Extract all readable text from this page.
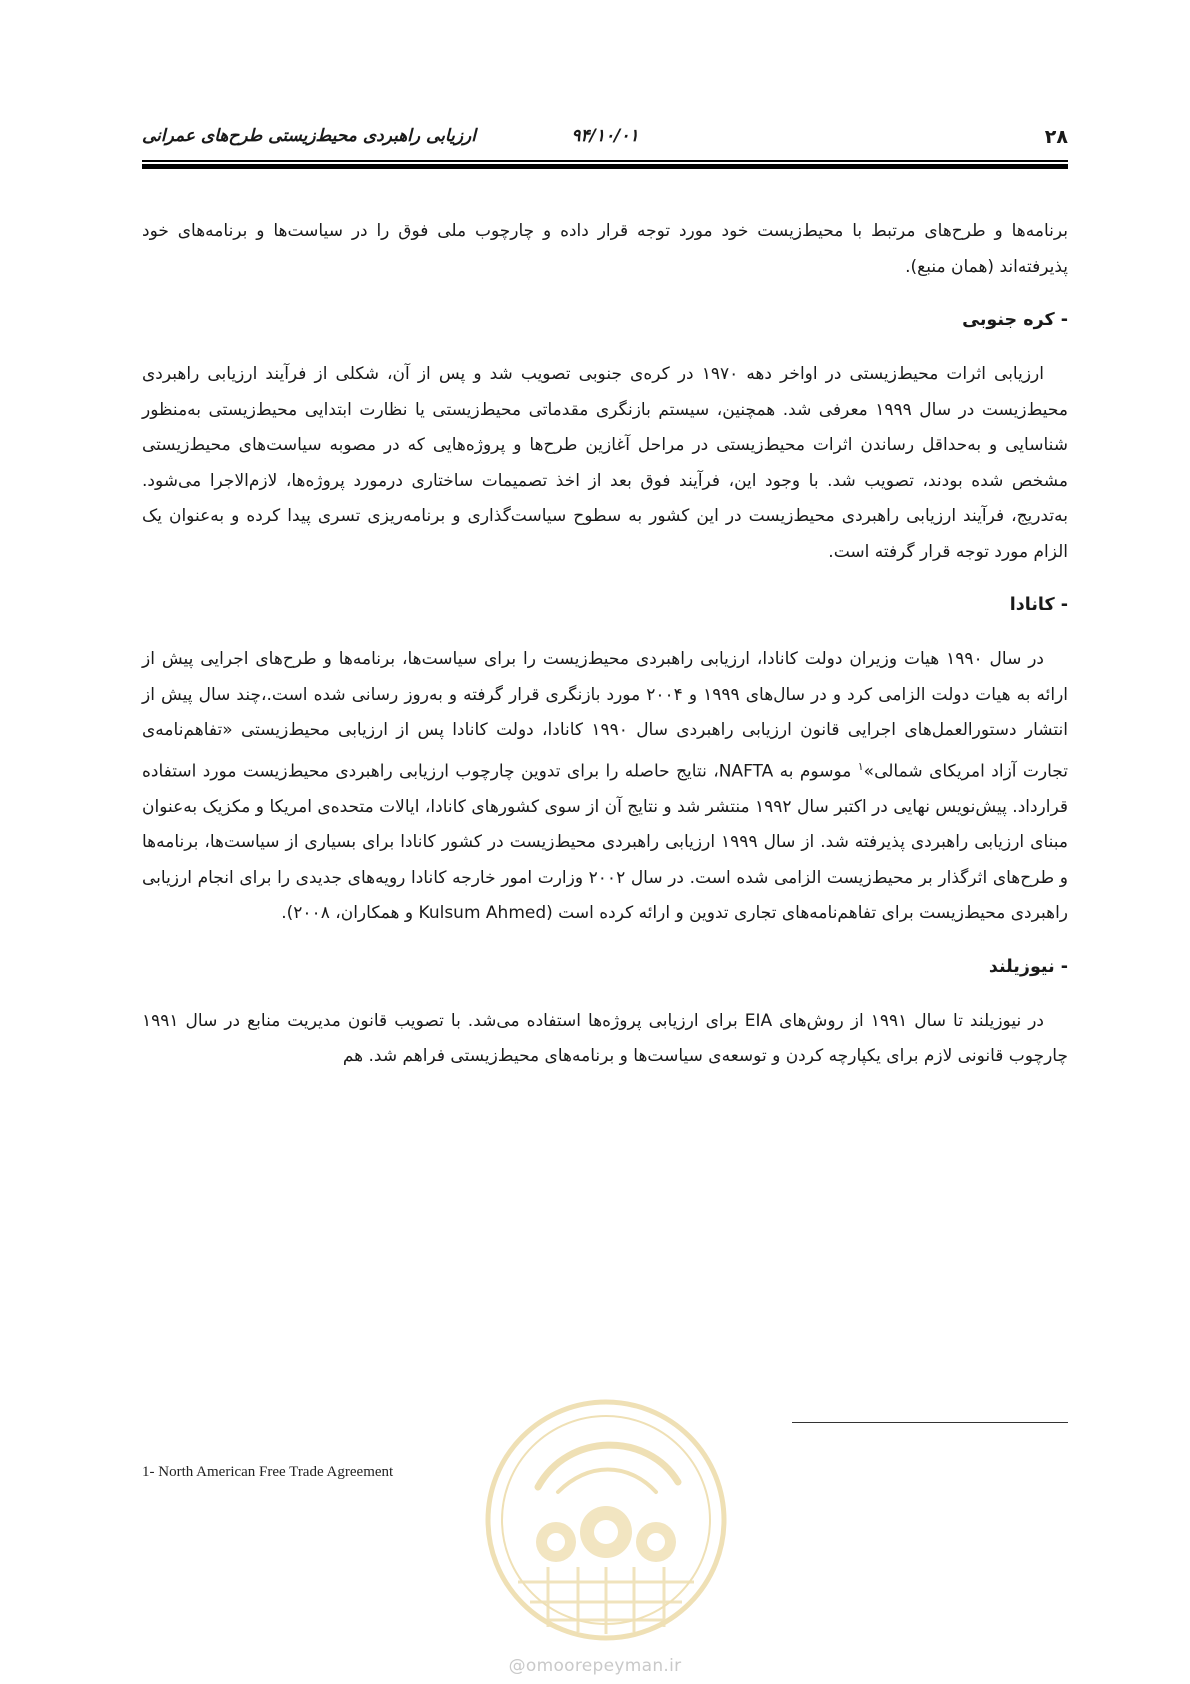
۲۸
۹۴/۱۰/۰۱
ارزیابی راهبردی محیط‌زیستی طرح‌های عمرانی

برنامه‌ها و طرح‌های مرتبط با محیط‌زیست خود مورد توجه قرار داده و چارچوب ملی فوق را در سیاست‌ها و برنامه‌های خود پذیرفته‌اند (همان منبع).

- کره جنوبی

ارزیابی اثرات محیط‌زیستی در اواخر دهه ۱۹۷۰ در کره‌ی جنوبی تصویب شد و پس از آن، شکلی از فرآیند ارزیابی راهبردی محیط‌زیست در سال ۱۹۹۹ معرفی شد. همچنین، سیستم بازنگری مقدماتی محیط‌زیستی یا نظارت ابتدایی محیط‌زیستی به‌منظور شناسایی و به‌حداقل رساندن اثرات محیط‌زیستی در مراحل آغازین طرح‌ها و پروژه‌هایی که در مصوبه سیاست‌های محیط‌زیستی مشخص شده بودند، تصویب شد. با وجود این، فرآیند فوق بعد از اخذ تصمیمات ساختاری درمورد پروژه‌ها، لازم‌الاجرا می‌شود. به‌تدریج، فرآیند ارزیابی راهبردی محیط‌زیست در این کشور به سطوح سیاست‌گذاری و برنامه‌ریزی تسری پیدا کرده و به‌عنوان یک الزام مورد توجه قرار گرفته است.

- کانادا

در سال ۱۹۹۰ هیات وزیران دولت کانادا، ارزیابی راهبردی محیط‌زیست را برای سیاست‌ها، برنامه‌ها و طرح‌های اجرایی پیش از ارائه به هیات دولت الزامی کرد و در سال‌های ۱۹۹۹ و ۲۰۰۴ مورد بازنگری قرار گرفته و به‌روز رسانی شده است.،چند سال پیش از انتشار دستورالعمل‌های اجرایی قانون ارزیابی راهبردی سال ۱۹۹۰ کانادا، دولت کانادا پس از ارزیابی محیط‌زیستی «تفاهم‌نامه‌ی تجارت آزاد امریکای شمالی»$^۱$ موسوم به NAFTA، نتایج حاصله را برای تدوین چارچوب ارزیابی راهبردی محیط‌زیست مورد استفاده قرارداد. پیش‌نویس نهایی در اکتبر سال ۱۹۹۲ منتشر شد و نتایج آن از سوی کشورهای کانادا، ایالات متحده‌ی امریکا و مکزیک به‌عنوان مبنای ارزیابی راهبردی پذیرفته شد. از سال ۱۹۹۹ ارزیابی راهبردی محیط‌زیست در کشور کانادا برای بسیاری از سیاست‌ها، برنامه‌ها و طرح‌های اثرگذار بر محیط‌زیست الزامی شده است. در سال ۲۰۰۲ وزارت امور خارجه کانادا رویه‌های جدیدی را برای انجام ارزیابی راهبردی محیط‌زیست برای تفاهم‌نامه‌های تجاری تدوین و ارائه کرده است (Kulsum Ahmed و همکاران، ۲۰۰۸).

- نیوزیلند

در نیوزیلند تا سال ۱۹۹۱ از روش‌های EIA برای ارزیابی پروژه‌ها استفاده می‌شد. با تصویب قانون مدیریت منابع در سال ۱۹۹۱ چارچوب قانونی لازم برای یکپارچه کردن و توسعه‌ی سیاست‌ها و برنامه‌های محیط‌زیستی فراهم شد. هم

1- North American Free Trade Agreement
@omoorepeyman.ir
